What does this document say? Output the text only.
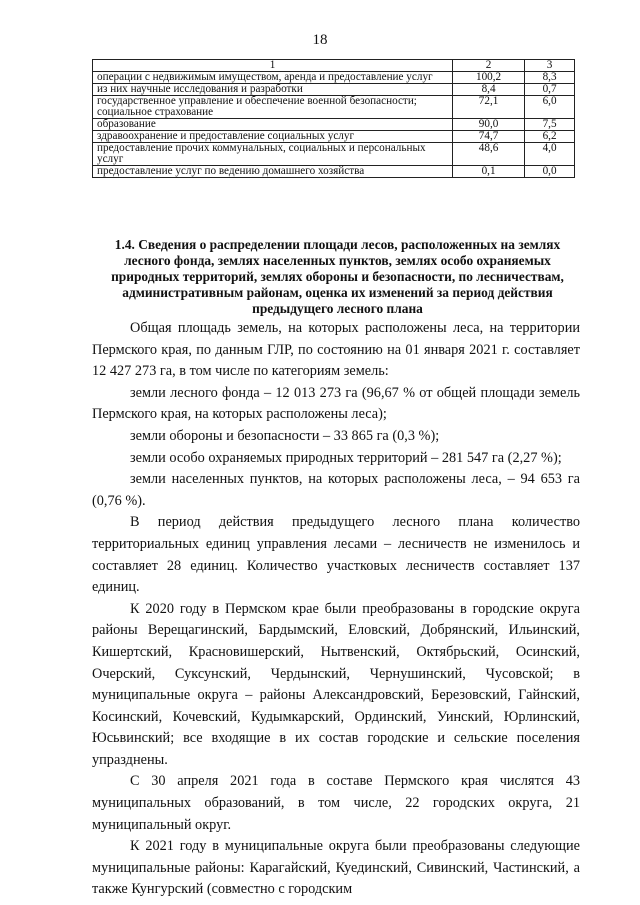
18
1	2	3
операции с недвижимым имуществом, аренда и предоставление услуг	100,2	8,3
из них научные исследования и разработки	8,4	0,7
государственное управление и обеспечение военной безопасности; социальное страхование	72,1	6,0
образование	90,0	7,5
здравоохранение и предоставление социальных услуг	74,7	6,2
предоставление прочих коммунальных, социальных и персональных услуг	48,6	4,0
предоставление услуг по ведению домашнего хозяйства	0,1	0,0
1.4. Сведения о распределении площади лесов, расположенных на землях лесного фонда, землях населенных пунктов, землях особо охраняемых природных территорий, землях обороны и безопасности, по лесничествам, административным районам, оценка их изменений за период действия предыдущего лесного плана

Общая площадь земель, на которых расположены леса, на территории Пермского края, по данным ГЛР, по состоянию на 01 января 2021 г. составляет 12 427 273 га, в том числе по категориям земель:

земли лесного фонда – 12 013 273 га (96,67 % от общей площади земель Пермского края, на которых расположены леса);

земли обороны и безопасности – 33 865 га (0,3 %);

земли особо охраняемых природных территорий – 281 547 га (2,27 %);

земли населенных пунктов, на которых расположены леса, – 94 653 га (0,76 %).

В период действия предыдущего лесного плана количество территориальных единиц управления лесами – лесничеств не изменилось и составляет 28 единиц. Количество участковых лесничеств составляет 137 единиц.

К 2020 году в Пермском крае были преобразованы в городские округа районы Верещагинский, Бардымский, Еловский, Добрянский, Ильинский, Кишертский, Красновишерский, Нытвенский, Октябрьский, Осинский, Очерский, Суксунский, Чердынский, Чернушинский, Чусовской; в муниципальные округа – районы Александровский, Березовский, Гайнский, Косинский, Кочевский, Кудымкарский, Ординский, Уинский, Юрлинский, Юсьвинский; все входящие в их состав городские и сельские поселения упразднены.

С 30 апреля 2021 года в составе Пермского края числятся 43 муниципальных образований, в том числе, 22 городских округа, 21 муниципальный округ.

К 2021 году в муниципальные округа были преобразованы следующие муниципальные районы: Карагайский, Куединский, Сивинский, Частинский, а также Кунгурский (совместно с городским
